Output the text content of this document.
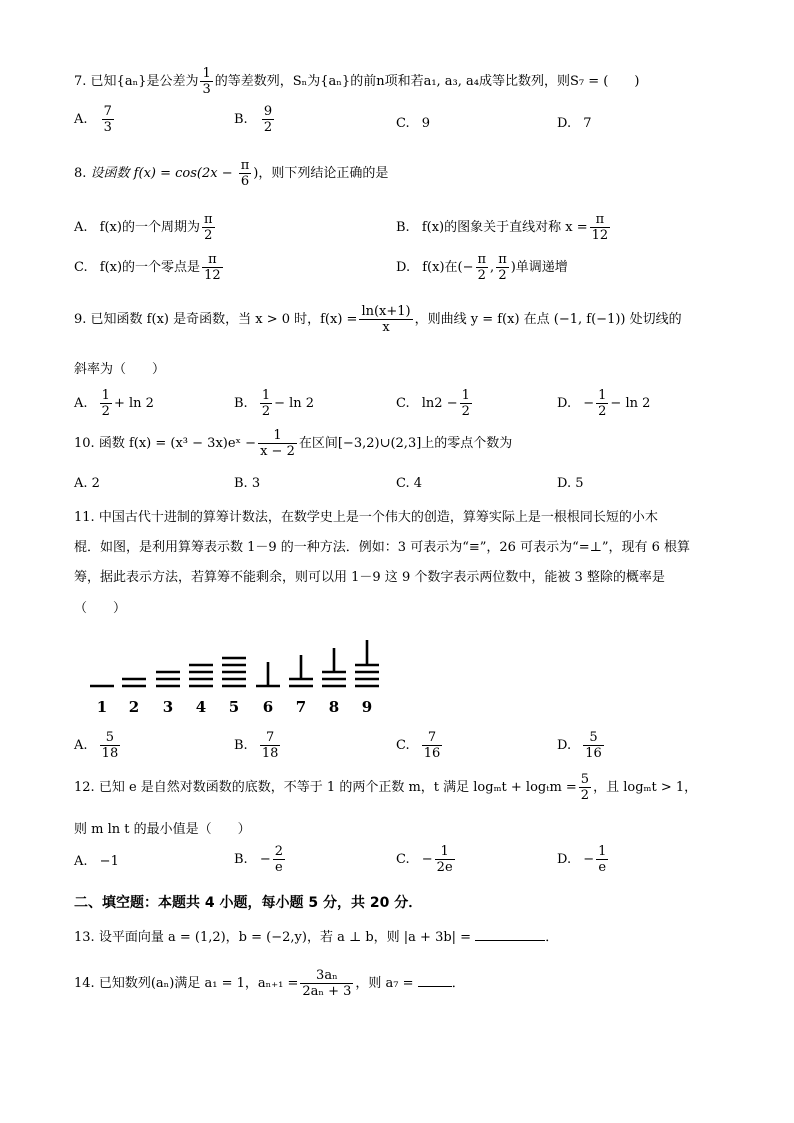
7. 已知{aₙ}是公差为 $\frac{1}{3}$ 的等差数列，Sₙ为{aₙ}的前n项和若a₁, a₃, a₄成等比数列，则S₇ = (　　)
A. $\frac{7}{3}$	B. $\frac{9}{2}$	C. 9	D. 7
8. 设函数 $f(x) = \cos(2x - \frac{\pi}{6}$ )，则下列结论正确的是
A. f(x)的一个周期为 $\frac{\pi}{2}$	B. f(x)的图象关于直线对称 $x = \frac{\pi}{12}$
C. f(x)的一个零点是 $\frac{\pi}{12}$	D. f(x)在(− $\frac{\pi}{2}$ , $\frac{\pi}{2}$ )单调递增
9. 已知函数 f(x) 是奇函数，当 x > 0 时，$f(x) = \frac{\ln(x+1)}{x}$ ，则曲线 y = f(x) 在点 (−1, f(−1)) 处切线的
斜率为（　　）
A. $\frac{1}{2} + \ln 2$	B. $\frac{1}{2} - \ln 2$	C. $\ln 2 - \frac{1}{2}$	D. − $\frac{1}{2} - \ln 2$
10. 函数 f(x) = (x³ − 3x)eˣ − $\frac{1}{x - 2}$ 在区间[−3,2)∪(2,3]上的零点个数为
A. 2	B. 3	C. 4	D. 5
11. 中国古代十进制的算筹计数法，在数学史上是一个伟大的创造，算筹实际上是一根根同长短的小木
棍．如图，是利用算筹表示数 1－9 的一种方法．例如：3 可表示为“≡”，26 可表示为“=⊥”，现有 6 根算
筹，据此表示方法，若算筹不能剩余，则可以用 1－9 这 9 个数字表示两位数中，能被 3 整除的概率是
（　　）
1 2 3 4 5 6 7 8 9
A. $\frac{5}{18}$	B. $\frac{7}{18}$	C. $\frac{7}{16}$	D. $\frac{5}{16}$
12. 已知 e 是自然对数函数的底数，不等于 1 的两个正数 m，t 满足 $\log_mt + \log_tm = \frac{5}{2}$ ，且 logₘt > 1，
则 m ln t 的最小值是（　　）
A. −1	B. − $\frac{2}{e}$	C. − $\frac{1}{2e}$	D. − $\frac{1}{e}$
二、填空题：本题共 4 小题，每小题 5 分，共 20 分．
13. 设平面向量 a = (1,2)，b = (−2,y)，若 a ⊥ b，则 |a + 3b| =	．
14. 已知数列(aₙ)满足 a₁ = 1，$a_{n+1} = \frac{\text{3aₙ}}{\text{2aₙ + 3}}$ ，则 a₇ =	．
